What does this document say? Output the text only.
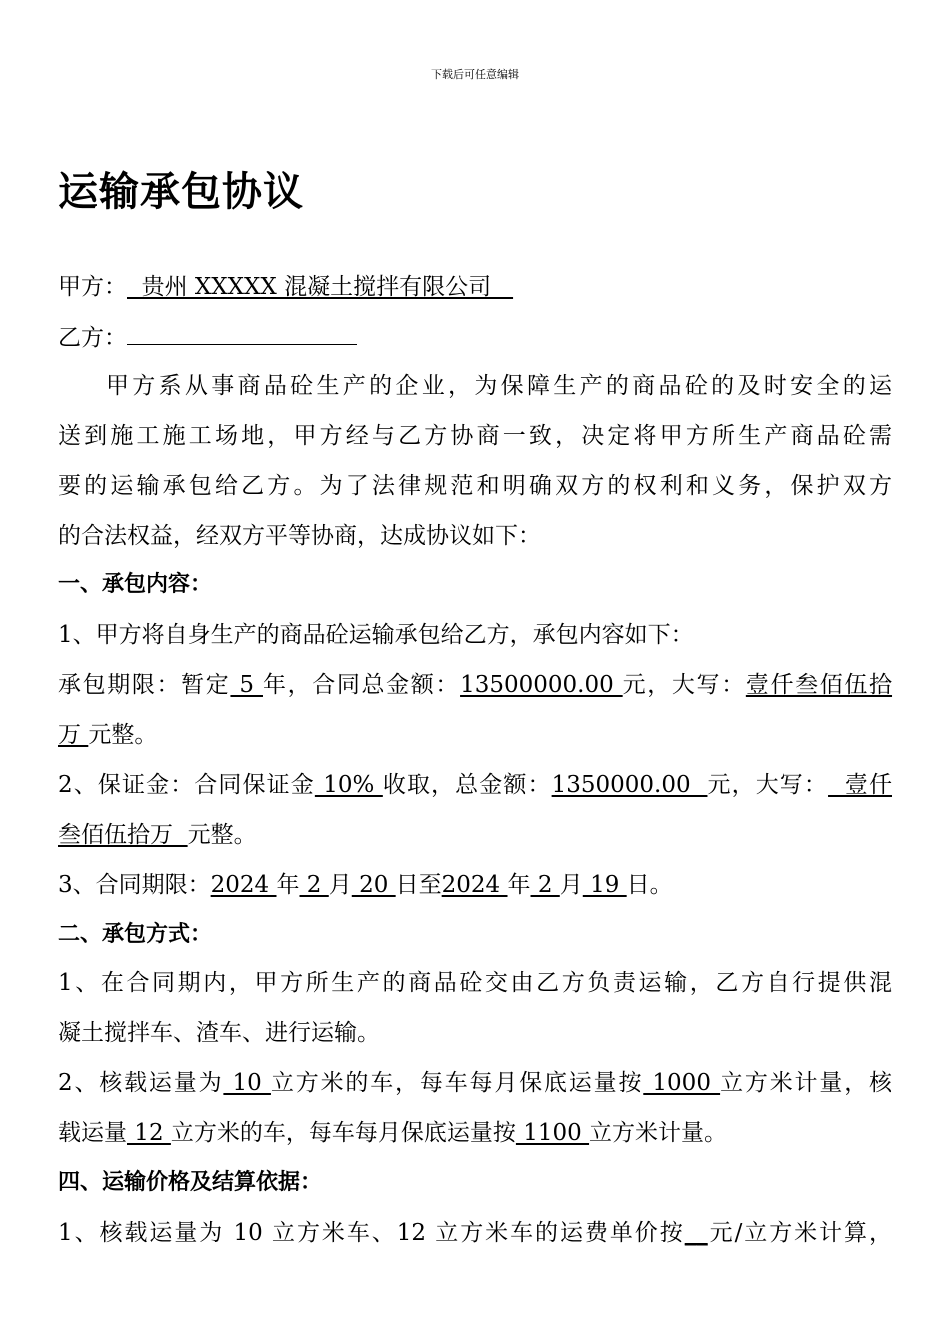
下载后可任意编辑
运输承包协议
甲方：  贵州 XXXXX 混凝土搅拌有限公司
乙方：
甲方系从事商品砼生产的企业，为保障生产的商品砼的及时安全的运
送到施工施工场地，甲方经与乙方协商一致，决定将甲方所生产商品砼需
要的运输承包给乙方。为了法律规范和明确双方的权利和义务，保护双方
的合法权益，经双方平等协商，达成协议如下：
一、承包内容：
1、甲方将自身生产的商品砼运输承包给乙方，承包内容如下：
承包期限：暂定 5 年，合同总金额：13500000.00 元，大写：壹仟叁佰伍拾
万 元整。
2、保证金：合同保证金 10% 收取，总金额：1350000.00  元，大写：  壹仟
叁佰伍拾万  元整。
3、合同期限：2024 年 2 月 20 日至2024 年 2 月 19 日。
二、承包方式：
1、在合同期内，甲方所生产的商品砼交由乙方负责运输，乙方自行提供混
凝土搅拌车、渣车、进行运输。
2、核载运量为 10 立方米的车，每车每月保底运量按 1000 立方米计量，核
载运量 12 立方米的车，每车每月保底运量按 1100 立方米计量。
四、运输价格及结算依据：
1、核载运量为 10 立方米车、12 立方米车的运费单价按__元/立方米计算，
